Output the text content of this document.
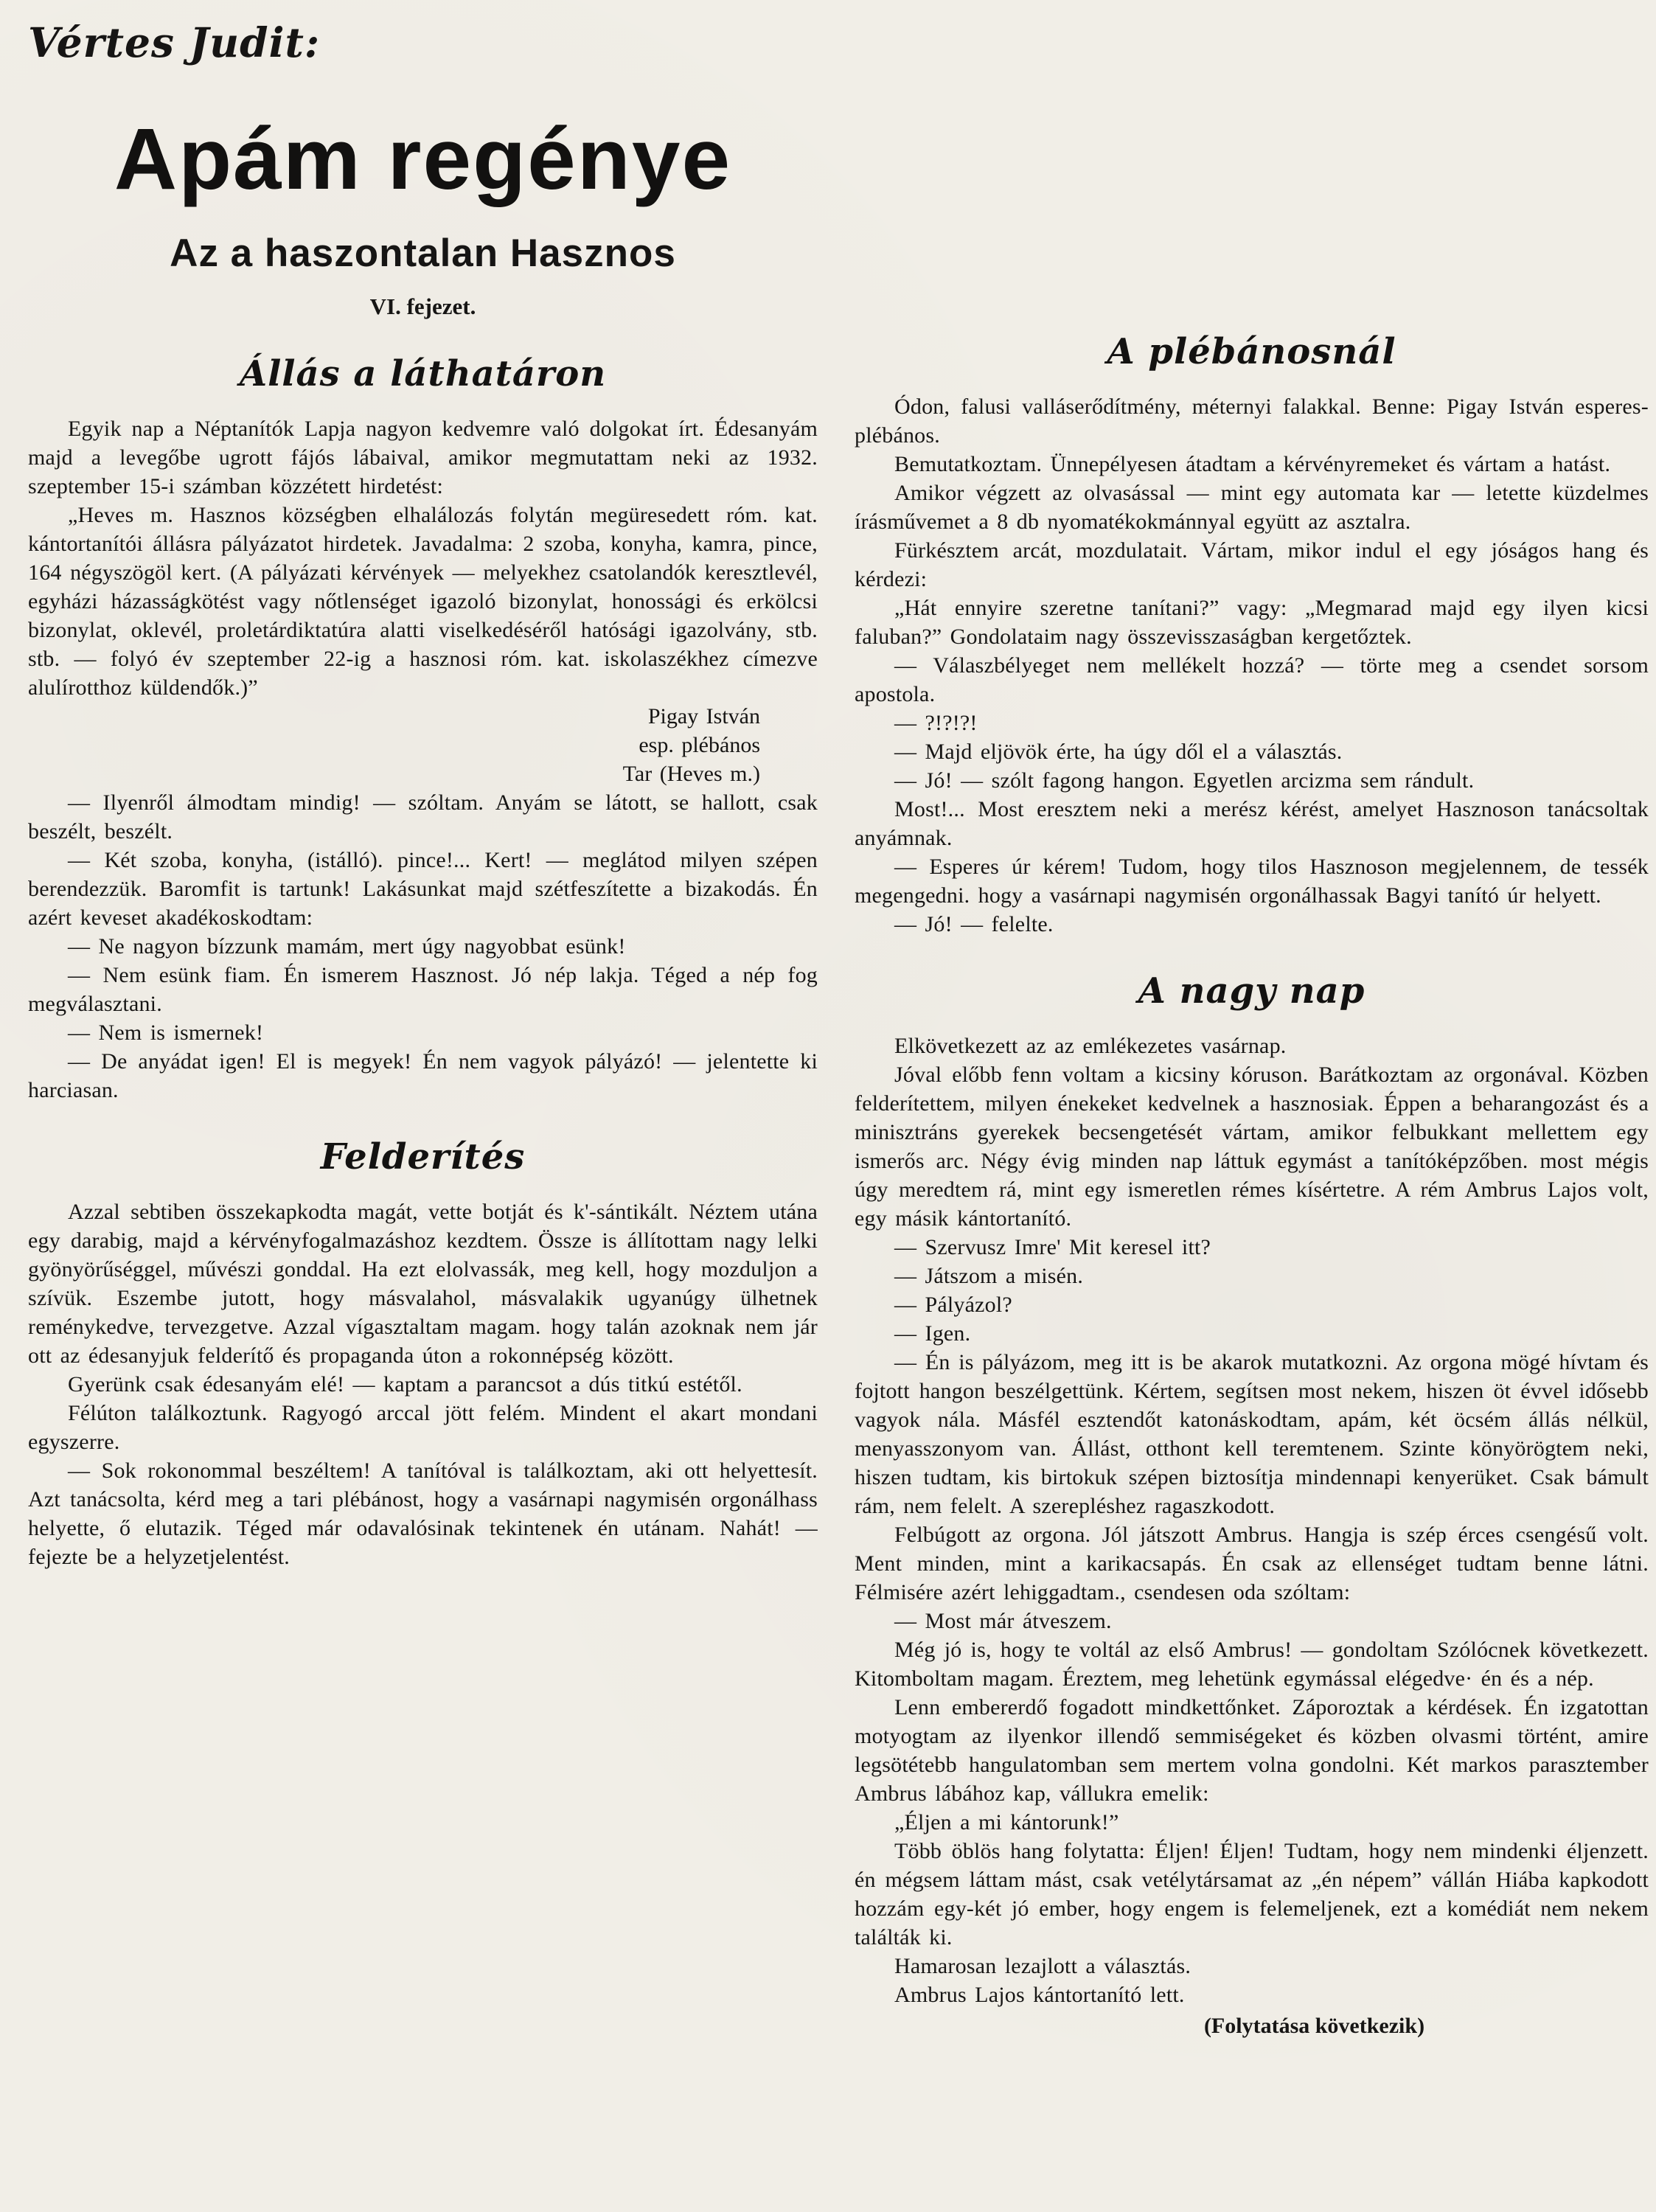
Vértes Judit:
Apám regénye
Az a haszontalan Hasznos
VI. fejezet.
Állás a láthatáron

Egyik nap a Néptanítók Lapja nagyon kedvemre való dolgokat írt. Édesanyám majd a levegőbe ugrott fájós lábaival, amikor megmutattam neki az 1932. szeptember 15-i számban közzétett hirdetést:

„Heves m. Hasznos községben elhalálozás folytán megüresedett róm. kat. kántortanítói állásra pályázatot hirdetek. Javadalma: 2 szoba, konyha, kamra, pince, 164 négyszögöl kert. (A pályázati kérvények — melyekhez csatolandók keresztlevél, egyházi házasságkötést vagy nőtlenséget igazoló bizonylat, honossági és erkölcsi bizonylat, oklevél, proletárdiktatúra alatti viselkedéséről hatósági igazolvány, stb. stb. — folyó év szeptember 22-ig a hasznosi róm. kat. iskolaszékhez címezve alulírotthoz küldendők.)”

Pigay István
esp. plébános
Tar (Heves m.)

— Ilyenről álmodtam mindig! — szóltam. Anyám se látott, se hallott, csak beszélt, beszélt.

— Két szoba, konyha, (istálló). pince!... Kert! — meglátod milyen szépen berendezzük. Baromfit is tartunk! Lakásunkat majd szétfeszítette a bizakodás. Én azért keveset akadékoskodtam:

— Ne nagyon bízzunk mamám, mert úgy nagyobbat esünk!

— Nem esünk fiam. Én ismerem Hasznost. Jó nép lakja. Téged a nép fog megválasztani.

— Nem is ismernek!

— De anyádat igen! El is megyek! Én nem vagyok pályázó! — jelentette ki harciasan.

Felderítés

Azzal sebtiben összekapkodta magát, vette botját és k'-sántikált. Néztem utána egy darabig, majd a kérvényfogalmazáshoz kezdtem. Össze is állítottam nagy lelki gyönyörűséggel, művészi gonddal. Ha ezt elolvassák, meg kell, hogy mozduljon a szívük. Eszembe jutott, hogy másvalahol, másvalakik ugyanúgy ülhetnek reménykedve, tervezgetve. Azzal vígasztaltam magam. hogy talán azoknak nem jár ott az édesanyjuk felderítő és propaganda úton a rokonnépség között.

Gyerünk csak édesanyám elé! — kaptam a parancsot a dús titkú estétől.

Félúton találkoztunk. Ragyogó arccal jött felém. Mindent el akart mondani egyszerre.

— Sok rokonommal beszéltem! A tanítóval is találkoztam, aki ott helyettesít. Azt tanácsolta, kérd meg a tari plébánost, hogy a vasárnapi nagymisén orgonálhass helyette, ő elutazik. Téged már odavalósinak tekintenek én utánam. Nahát! — fejezte be a helyzetjelentést.

A plébánosnál

Ódon, falusi valláserődítmény, méternyi falakkal. Benne: Pigay István esperes-plébános.

Bemutatkoztam. Ünnepélyesen átadtam a kérvényremeket és vártam a hatást.

Amikor végzett az olvasással — mint egy automata kar — letette küzdelmes írásművemet a 8 db nyomatékokmánnyal együtt az asztalra.

Fürkésztem arcát, mozdulatait. Vártam, mikor indul el egy jóságos hang és kérdezi:

„Hát ennyire szeretne tanítani?” vagy: „Megmarad majd egy ilyen kicsi faluban?” Gondolataim nagy összevisszaságban kergetőztek.

— Válaszbélyeget nem mellékelt hozzá? — törte meg a csendet sorsom apostola.

— ?!?!?!

— Majd eljövök érte, ha úgy dől el a választás.

— Jó! — szólt fagong hangon. Egyetlen arcizma sem rándult.

Most!... Most eresztem neki a merész kérést, amelyet Hasznoson tanácsoltak anyámnak.

— Esperes úr kérem! Tudom, hogy tilos Hasznoson megjelennem, de tessék megengedni. hogy a vasárnapi nagymisén orgonálhassak Bagyi tanító úr helyett.

— Jó! — felelte.

A nagy nap

Elkövetkezett az az emlékezetes vasárnap.

Jóval előbb fenn voltam a kicsiny kóruson. Barátkoztam az orgonával. Közben felderítettem, milyen énekeket kedvelnek a hasznosiak. Éppen a beharangozást és a minisztráns gyerekek becsengetését vártam, amikor felbukkant mellettem egy ismerős arc. Négy évig minden nap láttuk egymást a tanítóképzőben. most mégis úgy meredtem rá, mint egy ismeretlen rémes kísértetre. A rém Ambrus Lajos volt, egy másik kántortanító.

— Szervusz Imre' Mit keresel itt?

— Játszom a misén.

— Pályázol?

— Igen.

— Én is pályázom, meg itt is be akarok mutatkozni. Az orgona mögé hívtam és fojtott hangon beszélgettünk. Kértem, segítsen most nekem, hiszen öt évvel idősebb vagyok nála. Másfél esztendőt katonáskodtam, apám, két öcsém állás nélkül, menyasszonyom van. Állást, otthont kell teremtenem. Szinte könyörögtem neki, hiszen tudtam, kis birtokuk szépen biztosítja mindennapi kenyerüket. Csak bámult rám, nem felelt. A szerepléshez ragaszkodott.

Felbúgott az orgona. Jól játszott Ambrus. Hangja is szép érces csengésű volt. Ment minden, mint a karikacsapás. Én csak az ellenséget tudtam benne látni. Félmisére azért lehiggadtam., csendesen oda szóltam:

— Most már átveszem.

Még jó is, hogy te voltál az első Ambrus! — gondoltam Szólócnek következett. Kitomboltam magam. Éreztem, meg lehetünk egymással elégedve· én és a nép.

Lenn embererdő fogadott mindkettőnket. Záporoztak a kérdések. Én izgatottan motyogtam az ilyenkor illendő semmiségeket és közben olvasmi történt, amire legsötétebb hangulatomban sem mertem volna gondolni. Két markos parasztember Ambrus lábához kap, vállukra emelik:

„Éljen a mi kántorunk!”

Több öblös hang folytatta: Éljen! Éljen! Tudtam, hogy nem mindenki éljenzett. én mégsem láttam mást, csak vetélytársamat az „én népem” vállán Hiába kapkodott hozzám egy-két jó ember, hogy engem is felemeljenek, ezt a komédiát nem nekem találták ki.

Hamarosan lezajlott a választás.

Ambrus Lajos kántortanító lett.

(Folytatása következik)
